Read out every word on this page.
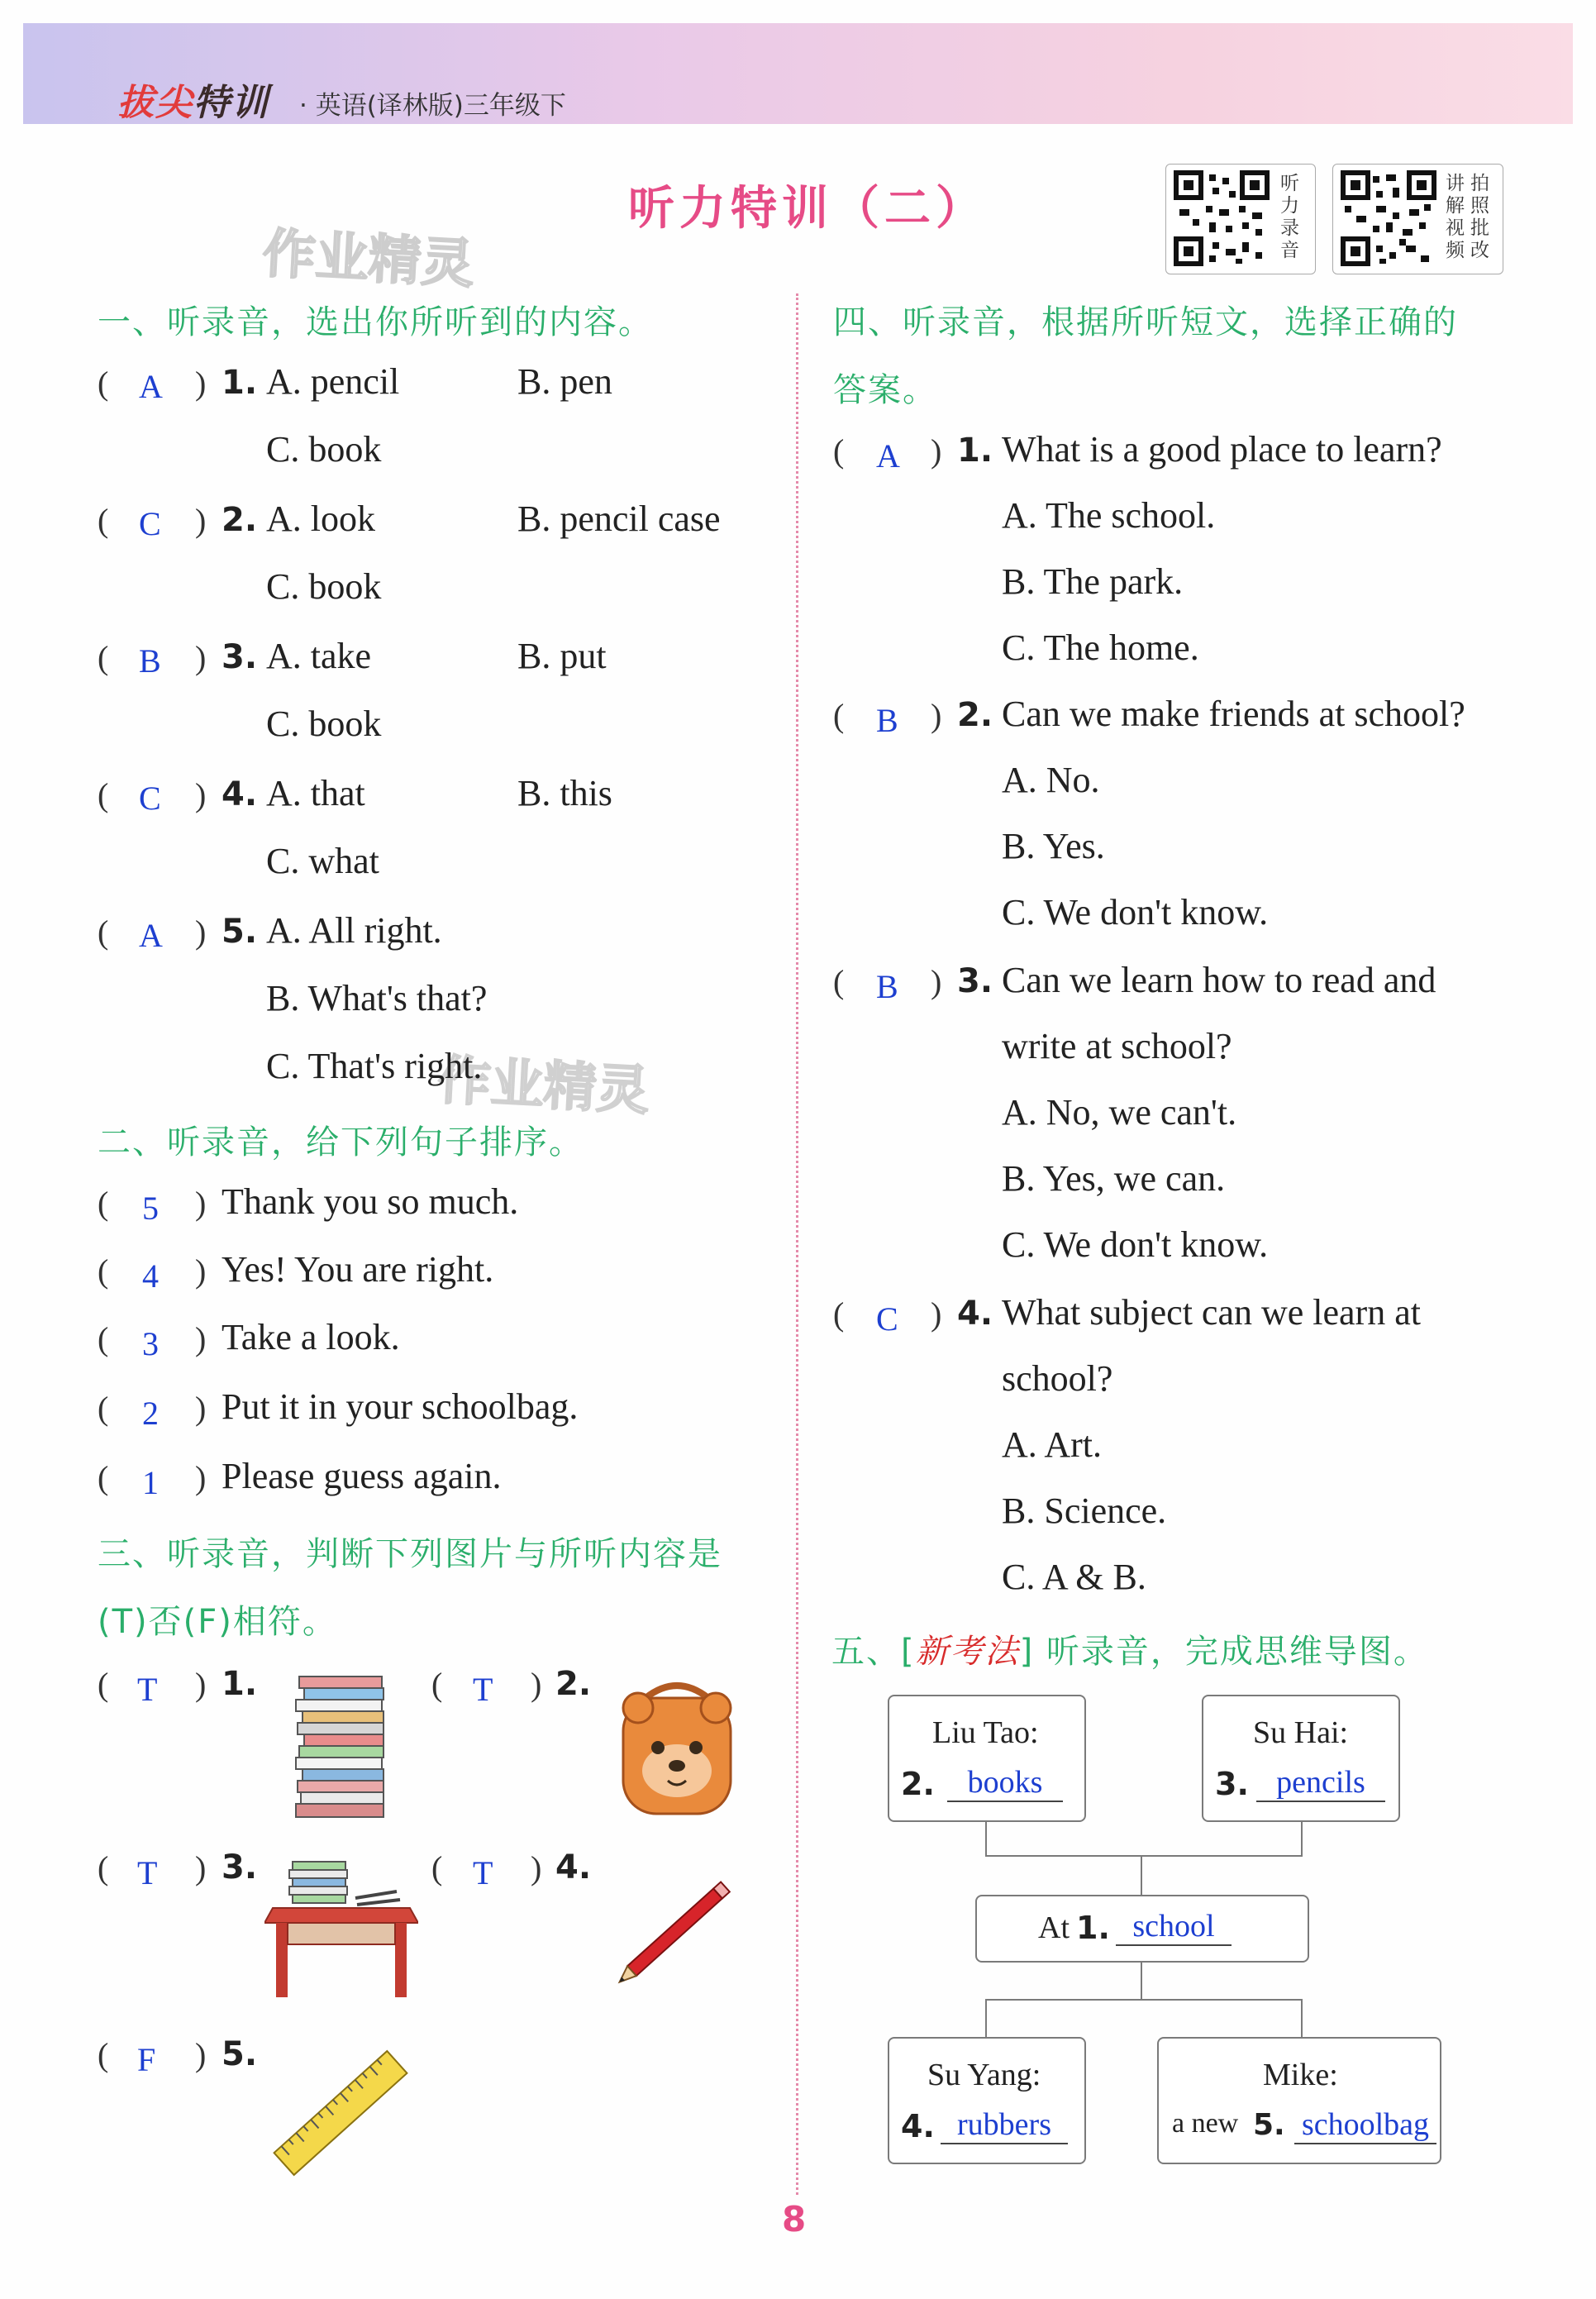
拔尖特训 · 英语(译林版)三年级下
听力特训（二）	听
力
录
音
讲
解
视
频
拍
照
批
改
作业精灵
作业精灵
一、听录音，选出你所听到的内容。
( A ) 1. A. pencil	B. pen
C. book
( C ) 2. A. look	B. pencil case
C. book
( B ) 3. A. take	B. put
C. book
( C ) 4. A. that	B. this
C. what
( A ) 5. A. All right.
B. What's that?
C. That's right.
二、听录音，给下列句子排序。
( 5 ) Thank you so much.
( 4 ) Yes! You are right.
( 3 ) Take a look.
( 2 ) Put it in your schoolbag.
( 1 ) Please guess again.
三、听录音，判断下列图片与所听内容是
(T)否(F)相符。
( T ) 1.	( T ) 2.
( T ) 3.	( T ) 4.
( F ) 5.
四、听录音，根据所听短文，选择正确的
答案。
( A ) 1. What is a good place to learn?
A. The school.
B. The park.
C. The home.
( B ) 2. Can we make friends at school?
A. No.
B. Yes.
C. We don't know.
( B ) 3. Can we learn how to read and
write at school?
A. No, we can't.
B. Yes, we can.
C. We don't know.
( C ) 4. What subject can we learn at
school?
A. Art.
B. Science.
C. A & B.
五、[新考法] 听录音，完成思维导图。
Liu Tao:
2.	books
Su Hai:
3. pencils
At 1. school
Su Yang:
4. rubbers
Mike:
a new 5. schoolbag
8
